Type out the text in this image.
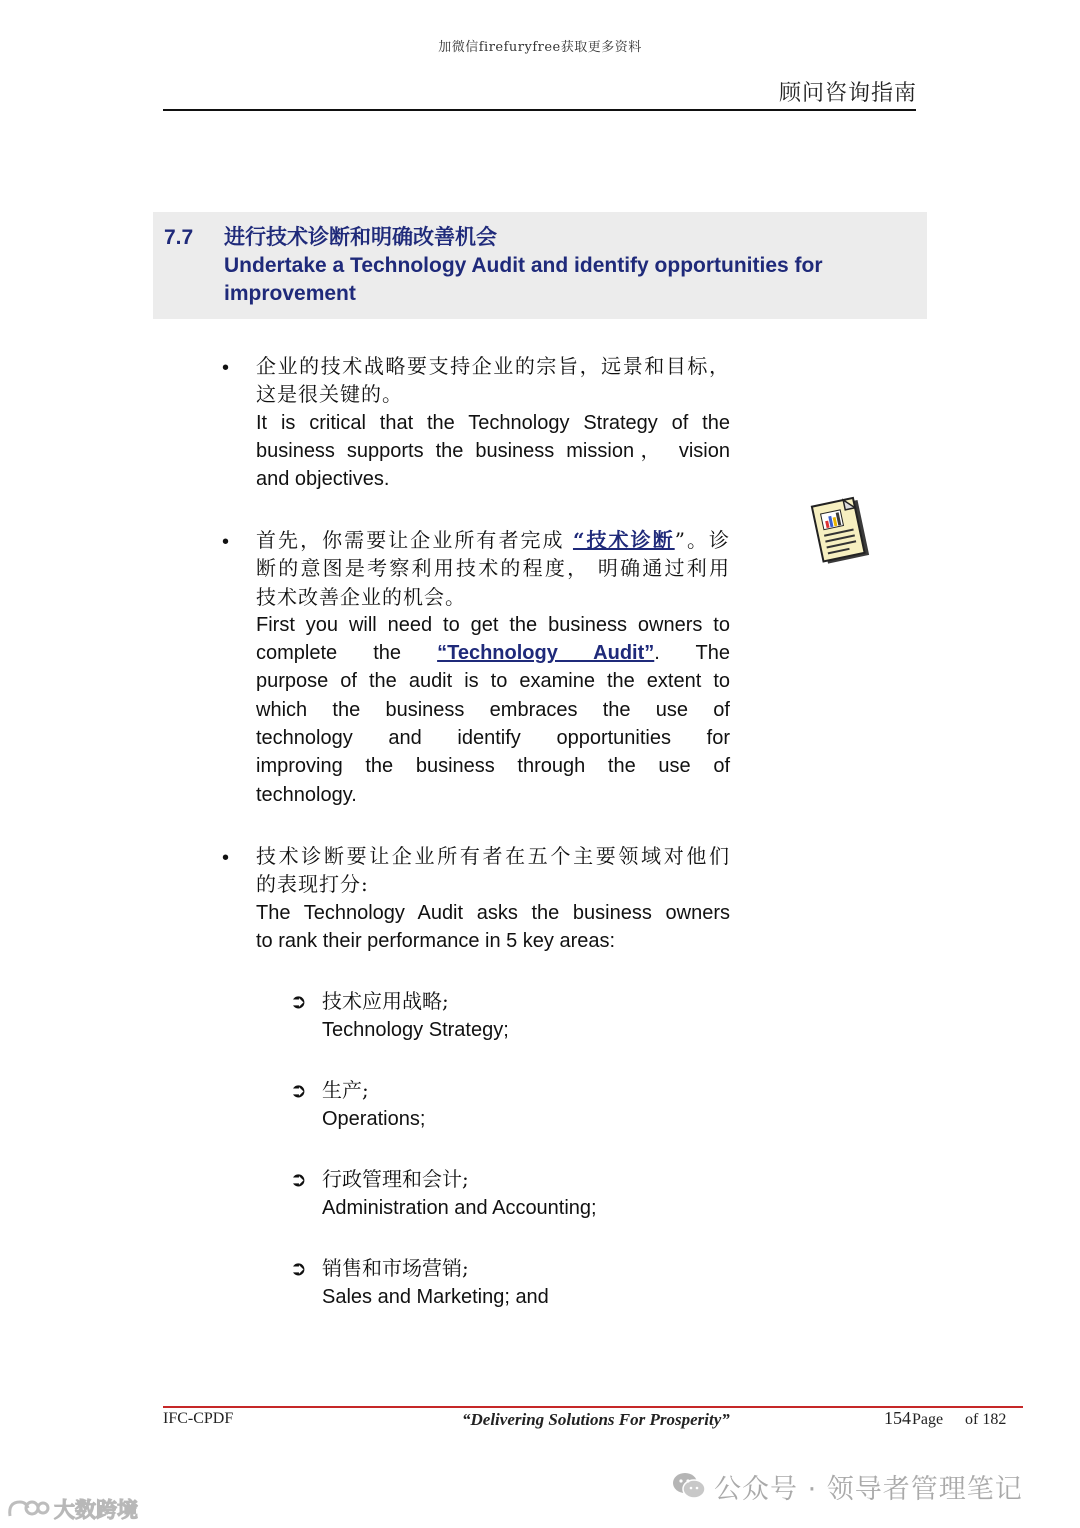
加微信firefuryfree获取更多资料
顾问咨询指南
7.7 进行技术诊断和明确改善机会
Undertake a Technology Audit and identify opportunities for
improvement
• 企业的技术战略要支持企业的宗旨，远景和目标，
这是很关键的。
It is critical that the Technology Strategy of the
business supports the business mission， vision
and objectives.
• 首先，你需要让企业所有者完成 “技术诊断”。诊
断的意图是考察利用技术的程度， 明确通过利用
技术改善企业的机会。
First you will need to get the business owners to
complete the “Technology Audit”. The
purpose of the audit is to examine the extent to
which the business embraces the use of
technology and identify opportunities for
improving the business through the use of
technology.
• 技术诊断要让企业所有者在五个主要领域对他们
的表现打分:
The Technology Audit asks the business owners
to rank their performance in 5 key areas:
➲ 技术应用战略;
Technology Strategy;
➲ 生产;
Operations;
➲ 行政管理和会计;
Administration and Accounting;
➲ 销售和市场营销;
Sales and Marketing; and
IFC-CPDF	“Delivering Solutions For Prosperity”	154 Page of 182
公众号 · 领导者管理笔记
大数跨境
